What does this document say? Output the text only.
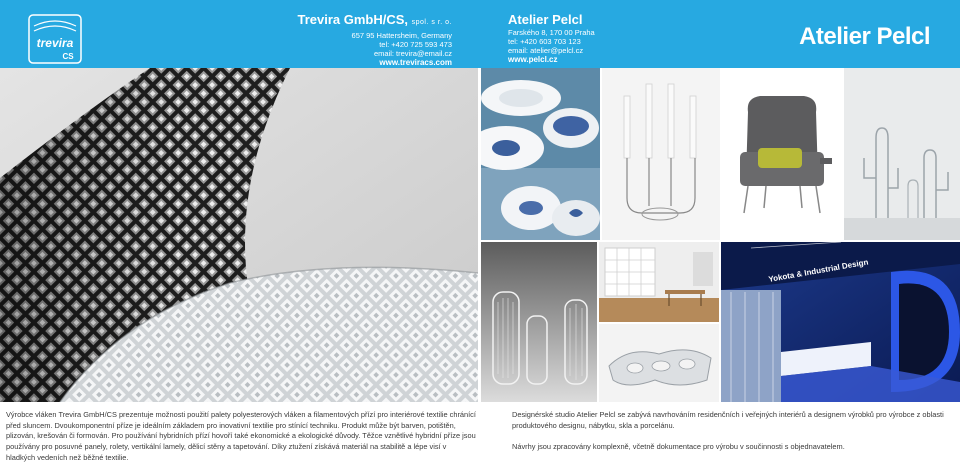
trevira
CS
Trevira GmbH/CS, spol. s r. o.
657 95 Hattersheim, Germany
tel: +420 725 593 473
email: trevira@email.cz
www.treviracs.com
Atelier Pelcl
Farského 8, 170 00 Praha
tel: +420 603 703 123
email: atelier@pelcl.cz
www.pelcl.cz
Atelier Pelcl
Yokota & Industrial Design
Výrobce vláken Trevira GmbH/CS prezentuje možnosti použití palety polyesterových vláken a filamentových přízí pro interiérové textilie chránící před sluncem. Dvoukomponentní příze je ideálním základem pro inovativní textilie pro stínící techniku. Produkt může být barven, potištěn, plizován, krešován či formován. Pro používání hybridních přízí hovoří také ekonomické a ekologické důvody. Těžce vznětlivé hybridní příze jsou používány pro posuvné panely, rolety, vertikální lamely, dělicí stěny a tapetování. Díky ztužení získává materiál na stabilitě a lépe visí v hladkých vedeních než běžné textilie.

Designérské studio Atelier Pelcl se zabývá navrhováním residenčních i veřejných interiérů a designem výrobků pro výrobce z oblasti produktového designu, nábytku, skla a porcelánu.

Návrhy jsou zpracovány komplexně, včetně dokumentace pro výrobu v součinnosti s objednavatelem.
